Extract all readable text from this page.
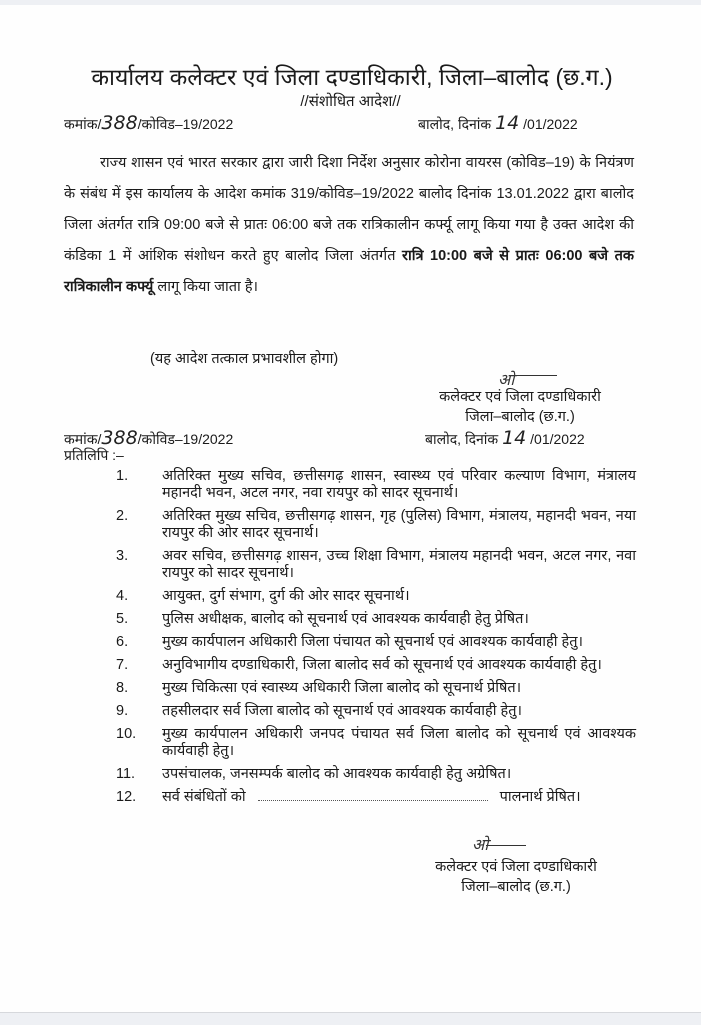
कार्यालय कलेक्टर एवं जिला दण्डाधिकारी, जिला–बालोद (छ.ग.)
//संशोधित आदेश//
कमांक/388/कोविड–19/2022	बालोद, दिनांक 14 /01/2022

राज्य शासन एवं भारत सरकार द्वारा जारी दिशा निर्देश अनुसार कोरोना वायरस (कोविड–19) के नियंत्रण के संबंध में इस कार्यालय के आदेश कमांक 319/कोविड–19/2022 बालोद दिनांक 13.01.2022 द्वारा बालोद जिला अंतर्गत रात्रि 09:00 बजे से प्रातः 06:00 बजे तक रात्रिकालीन कर्फ्यू लागू किया गया है उक्त आदेश की कंडिका 1 में आंशिक संशोधन करते हुए बालोद जिला अंतर्गत रात्रि 10:00 बजे से प्रातः 06:00 बजे तक रात्रिकालीन कर्फ्यू लागू किया जाता है।

(यह आदेश तत्काल प्रभावशील होगा)
ओ
कलेक्टर एवं जिला दण्डाधिकारी
जिला–बालोद (छ.ग.)
कमांक/388/कोविड–19/2022	बालोद, दिनांक 14 /01/2022
प्रतिलिपि :–
1.	अतिरिक्त मुख्य सचिव, छत्तीसगढ़ शासन, स्वास्थ्य एवं परिवार कल्याण विभाग, मंत्रालय महानदी भवन, अटल नगर, नवा रायपुर को सादर सूचनार्थ।
2.	अतिरिक्त मुख्य सचिव, छत्तीसगढ़ शासन, गृह (पुलिस) विभाग, मंत्रालय, महानदी भवन, नया रायपुर की ओर सादर सूचनार्थ।
3.	अवर सचिव, छत्तीसगढ़ शासन, उच्च शिक्षा विभाग, मंत्रालय महानदी भवन, अटल नगर, नवा रायपुर को सादर सूचनार्थ।
4.	आयुक्त, दुर्ग संभाग, दुर्ग की ओर सादर सूचनार्थ।
5.	पुलिस अधीक्षक, बालोद को सूचनार्थ एवं आवश्यक कार्यवाही हेतु प्रेषित।
6.	मुख्य कार्यपालन अधिकारी जिला पंचायत को सूचनार्थ एवं आवश्यक कार्यवाही हेतु।
7.	अनुविभागीय दण्डाधिकारी, जिला बालोद सर्व को सूचनार्थ एवं आवश्यक कार्यवाही हेतु।
8.	मुख्य चिकित्सा एवं स्वास्थ्य अधिकारी जिला बालोद को सूचनार्थ प्रेषित।
9.	तहसीलदार सर्व जिला बालोद को सूचनार्थ एवं आवश्यक कार्यवाही हेतु।
10.	मुख्य कार्यपालन अधिकारी जनपद पंचायत सर्व जिला बालोद को सूचनार्थ एवं आवश्यक कार्यवाही हेतु।
11.	उपसंचालक, जनसम्पर्क बालोद को आवश्यक कार्यवाही हेतु अग्रेषित।
12.	सर्व संबंधितों को	पालनार्थ प्रेषित।
ओ
कलेक्टर एवं जिला दण्डाधिकारी
जिला–बालोद (छ.ग.)
